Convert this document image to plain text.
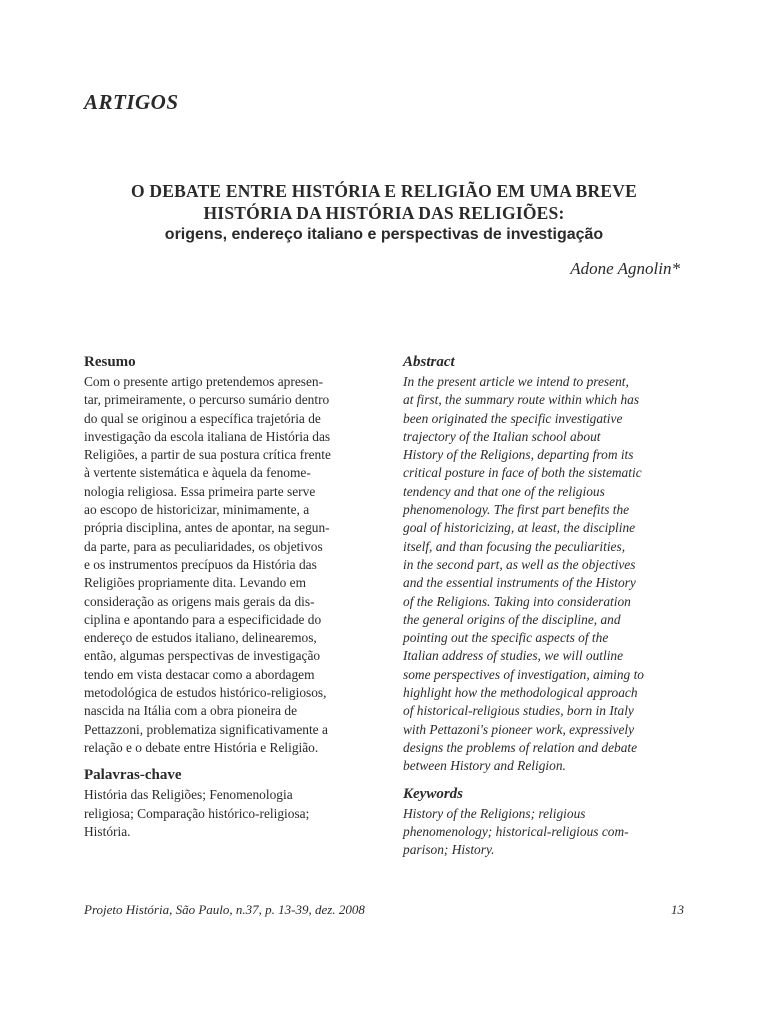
ARTIGOS
O DEBATE ENTRE HISTÓRIA E RELIGIÃO EM UMA BREVE
HISTÓRIA DA HISTÓRIA DAS RELIGIÕES:
origens, endereço italiano e perspectivas de investigação
Adone Agnolin*
Resumo
Com o presente artigo pretendemos apresen-
tar, primeiramente, o percurso sumário dentro
do qual se originou a específica trajetória de
investigação da escola italiana de História das
Religiões, a partir de sua postura crítica frente
à vertente sistemática e àquela da fenome-
nologia religiosa. Essa primeira parte serve
ao escopo de historicizar, minimamente, a
própria disciplina, antes de apontar, na segun-
da parte, para as peculiaridades, os objetivos
e os instrumentos precípuos da História das
Religiões propriamente dita. Levando em
consideração as origens mais gerais da dis-
ciplina e apontando para a especificidade do
endereço de estudos italiano, delinearemos,
então, algumas perspectivas de investigação
tendo em vista destacar como a abordagem
metodológica de estudos histórico-religiosos,
nascida na Itália com a obra pioneira de
Pettazzoni, problematiza significativamente a
relação e o debate entre História e Religião.
Palavras-chave
História das Religiões; Fenomenologia
religiosa; Comparação histórico-religiosa;
História.
Abstract
In the present article we intend to present,
at first, the summary route within which has
been originated the specific investigative
trajectory of the Italian school about
History of the Religions, departing from its
critical posture in face of both the sistematic
tendency and that one of the religious
phenomenology. The first part benefits the
goal of historicizing, at least, the discipline
itself, and than focusing the peculiarities,
in the second part, as well as the objectives
and the essential instruments of the History
of the Religions. Taking into consideration
the general origins of the discipline, and
pointing out the specific aspects of the
Italian address of studies, we will outline
some perspectives of investigation, aiming to
highlight how the methodological approach
of historical-religious studies, born in Italy
with Pettazoni's pioneer work, expressively
designs the problems of relation and debate
between History and Religion.
Keywords
History of the Religions; religious
phenomenology; historical-religious com-
parison; History.
Projeto História, São Paulo, n.37, p. 13-39, dez. 2008	13
